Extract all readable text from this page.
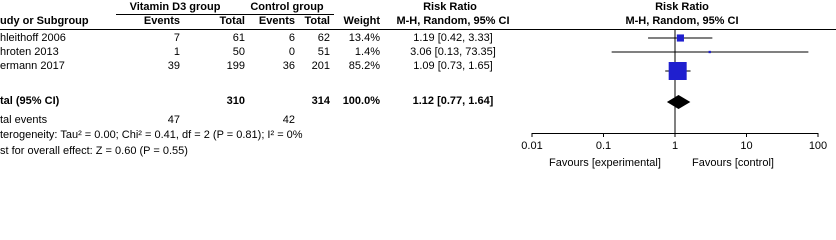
Vitamin D3 group	Control group	Risk Ratio	Risk Ratio
udy or Subgroup	Events	Total	Events Total	Weight	M-H, Random, 95% CI	M-H, Random, 95% CI
hleithoff 2006	7	61	6	62	13.4%	1.19 [0.42, 3.33]
hroten 2013	1	50	0	51	1.4%	3.06 [0.13, 73.35]
ermann 2017	39	199	36	201	85.2%	1.09 [0.73, 1.65]
tal (95% CI)	310	314	100.0%	1.12 [0.77, 1.64]
tal events	47	42
terogeneity: Tau² = 0.00; Chi² = 0.41, df = 2 (P = 0.81); I² = 0%
st for overall effect: Z = 0.60 (P = 0.55)	0.01	0.1	1	10	100
Favours [experimental]	Favours [control]
